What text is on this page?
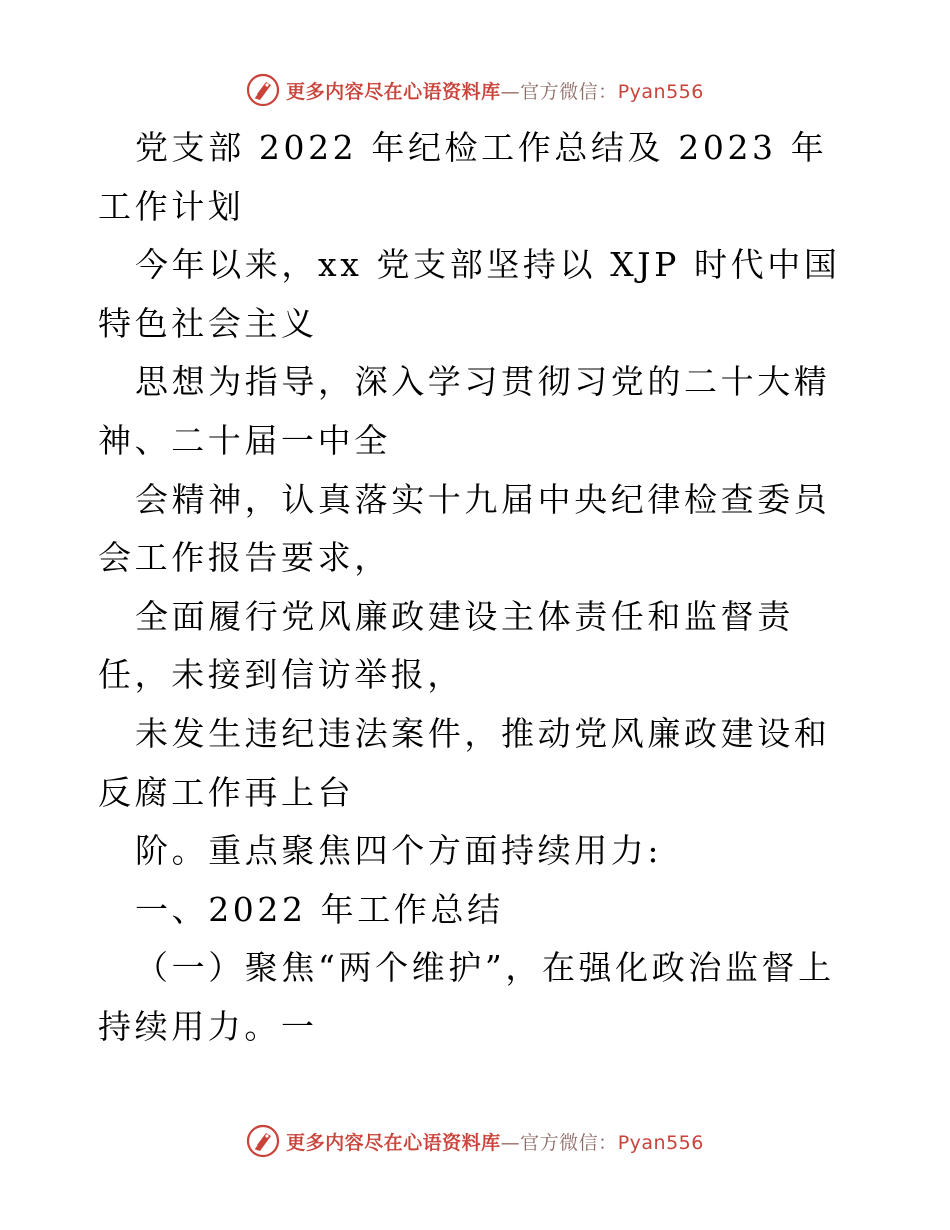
更多内容尽在心语资料库—官方微信：Pyan556

党支部 2022 年纪检工作总结及 2023 年工作计划

今年以来，xx 党支部坚持以 XJP 时代中国特色社会主义

思想为指导，深入学习贯彻习党的二十大精神、二十届一中全

会精神，认真落实十九届中央纪律检查委员会工作报告要求，

全面履行党风廉政建设主体责任和监督责任，未接到信访举报，

未发生违纪违法案件，推动党风廉政建设和反腐工作再上台

阶。重点聚焦四个方面持续用力:

一、2022 年工作总结

（一）聚焦“两个维护”，在强化政治监督上持续用力。一

更多内容尽在心语资料库—官方微信：Pyan556
